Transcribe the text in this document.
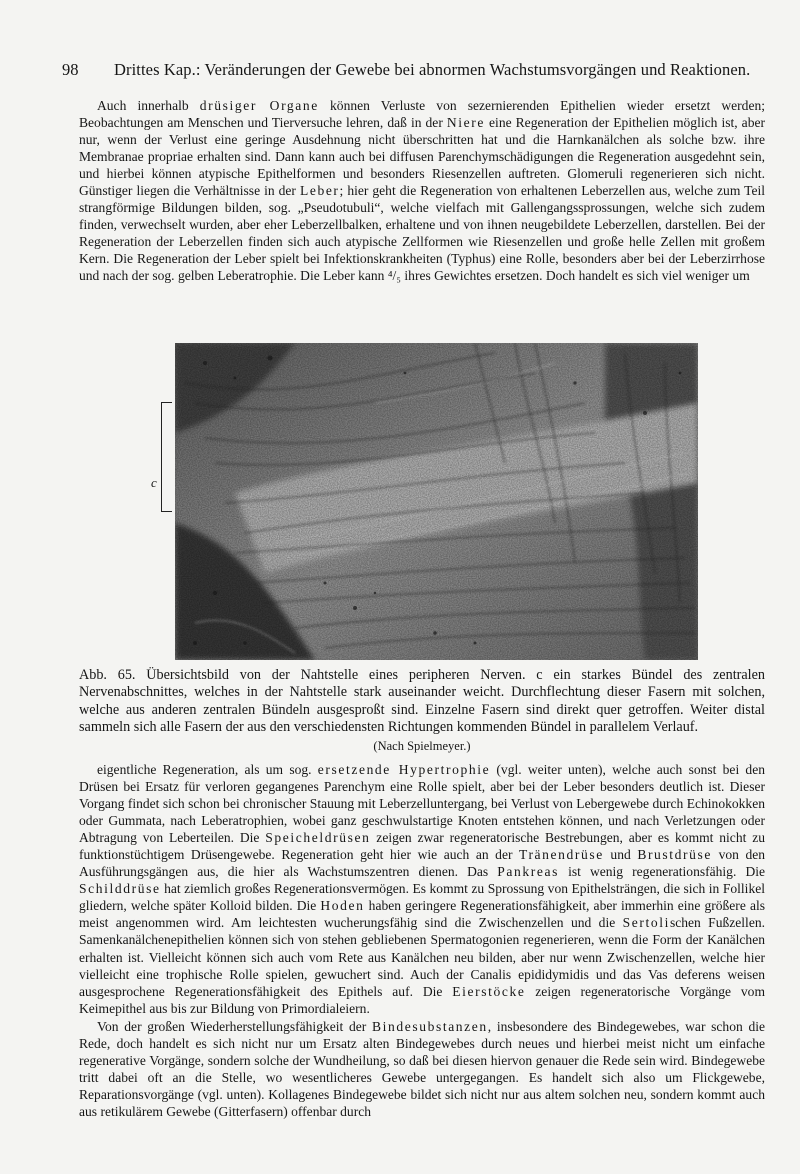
98 Drittes Kap.: Veränderungen der Gewebe bei abnormen Wachstumsvorgängen und Reaktionen.

Auch innerhalb drüsiger Organe können Verluste von sezernierenden Epithelien wieder ersetzt werden; Beobachtungen am Menschen und Tierversuche lehren, daß in der Niere eine Regeneration der Epithelien möglich ist, aber nur, wenn der Verlust eine geringe Ausdehnung nicht überschritten hat und die Harnkanälchen als solche bzw. ihre Membranae propriae erhalten sind. Dann kann auch bei diffusen Parenchymschädigungen die Regeneration ausgedehnt sein, und hierbei können atypische Epithelformen und besonders Riesenzellen auftreten. Glomeruli regenerieren sich nicht. Günstiger liegen die Verhältnisse in der Leber; hier geht die Regeneration von erhaltenen Leberzellen aus, welche zum Teil strangförmige Bildungen bilden, sog. „Pseudotubuli“, welche vielfach mit Gallengangssprossungen, welche sich zudem finden, verwechselt wurden, aber eher Leberzellbalken, erhaltene und von ihnen neugebildete Leberzellen, darstellen. Bei der Regeneration der Leberzellen finden sich auch atypische Zellformen wie Riesenzellen und große helle Zellen mit großem Kern. Die Regeneration der Leber spielt bei Infektionskrankheiten (Typhus) eine Rolle, besonders aber bei der Leberzirrhose und nach der sog. gelben Leberatrophie. Die Leber kann ⁴/₅ ihres Gewichtes ersetzen. Doch handelt es sich viel weniger um

c
Abb. 65. Übersichtsbild von der Nahtstelle eines peripheren Nerven. c ein starkes Bündel des zentralen Nervenabschnittes, welches in der Nahtstelle stark auseinander weicht. Durchflechtung dieser Fasern mit solchen, welche aus anderen zentralen Bündeln ausgesproßt sind. Einzelne Fasern sind direkt quer getroffen. Weiter distal sammeln sich alle Fasern der aus den verschiedensten Richtungen kommenden Bündel in parallelem Verlauf.
(Nach Spielmeyer.)

eigentliche Regeneration, als um sog. ersetzende Hypertrophie (vgl. weiter unten), welche auch sonst bei den Drüsen bei Ersatz für verloren gegangenes Parenchym eine Rolle spielt, aber bei der Leber besonders deutlich ist. Dieser Vorgang findet sich schon bei chronischer Stauung mit Leberzelluntergang, bei Verlust von Lebergewebe durch Echinokokken oder Gummata, nach Leberatrophien, wobei ganz geschwulstartige Knoten entstehen können, und nach Verletzungen oder Abtragung von Leberteilen. Die Speicheldrüsen zeigen zwar regeneratorische Bestrebungen, aber es kommt nicht zu funktionstüchtigem Drüsengewebe. Regeneration geht hier wie auch an der Tränendrüse und Brustdrüse von den Ausführungsgängen aus, die hier als Wachstumszentren dienen. Das Pankreas ist wenig regenerationsfähig. Die Schilddrüse hat ziemlich großes Regenerationsvermögen. Es kommt zu Sprossung von Epithelsträngen, die sich in Follikel gliedern, welche später Kolloid bilden. Die Hoden haben geringere Regenerationsfähigkeit, aber immerhin eine größere als meist angenommen wird. Am leichtesten wucherungsfähig sind die Zwischenzellen und die Sertolischen Fußzellen. Samenkanälchenepithelien können sich von stehen gebliebenen Spermatogonien regenerieren, wenn die Form der Kanälchen erhalten ist. Vielleicht können sich auch vom Rete aus Kanälchen neu bilden, aber nur wenn Zwischenzellen, welche hier vielleicht eine trophische Rolle spielen, gewuchert sind. Auch der Canalis epididymidis und das Vas deferens weisen ausgesprochene Regenerationsfähigkeit des Epithels auf. Die Eierstöcke zeigen regeneratorische Vorgänge vom Keimepithel aus bis zur Bildung von Primordialeiern.

Von der großen Wiederherstellungsfähigkeit der Bindesubstanzen, insbesondere des Bindegewebes, war schon die Rede, doch handelt es sich nicht nur um Ersatz alten Bindegewebes durch neues und hierbei meist nicht um einfache regenerative Vorgänge, sondern solche der Wundheilung, so daß bei diesen hiervon genauer die Rede sein wird. Bindegewebe tritt dabei oft an die Stelle, wo wesentlicheres Gewebe untergegangen. Es handelt sich also um Flickgewebe, Reparationsvorgänge (vgl. unten). Kollagenes Bindegewebe bildet sich nicht nur aus altem solchen neu, sondern kommt auch aus retikulärem Gewebe (Gitterfasern) offenbar durch
